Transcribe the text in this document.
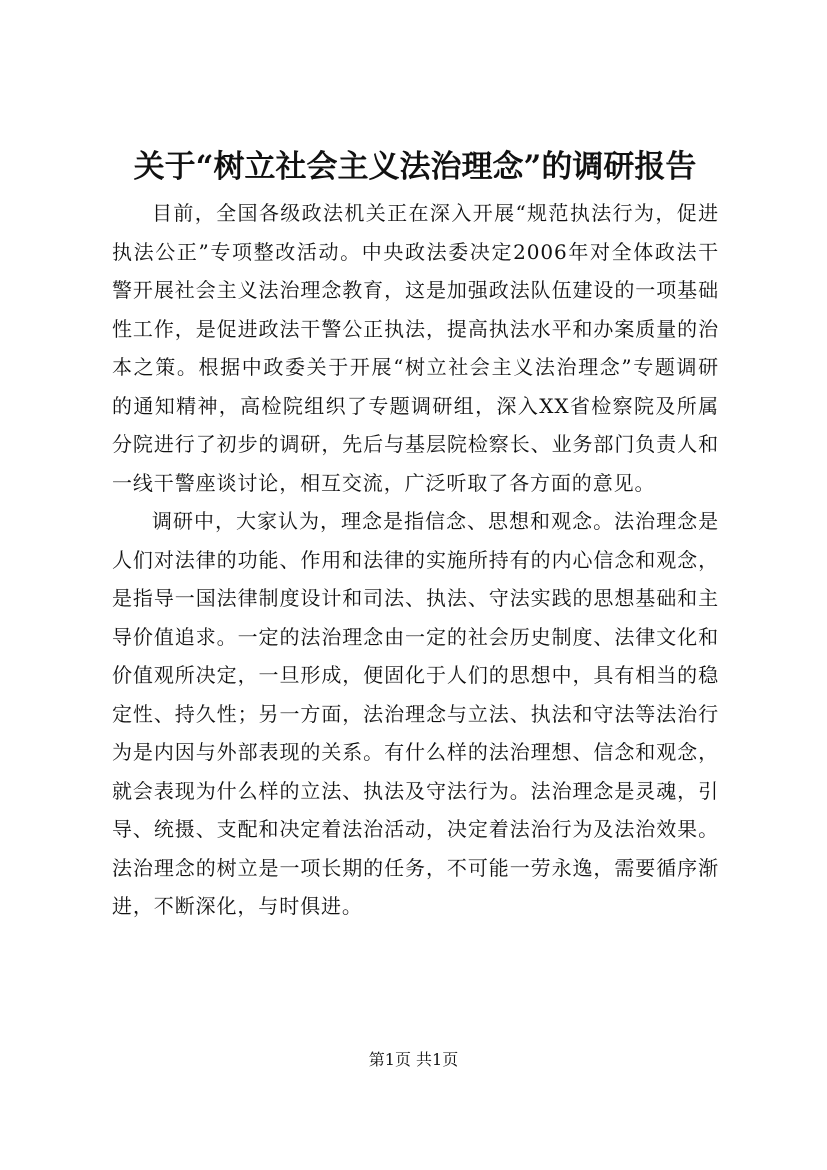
关于“树立社会主义法治理念”的调研报告

目前，全国各级政法机关正在深入开展“规范执法行为，促进执法公正”专项整改活动。中央政法委决定2006年对全体政法干警开展社会主义法治理念教育，这是加强政法队伍建设的一项基础性工作，是促进政法干警公正执法，提高执法水平和办案质量的治本之策。根据中政委关于开展“树立社会主义法治理念”专题调研的通知精神，高检院组织了专题调研组，深入XX省检察院及所属分院进行了初步的调研，先后与基层院检察长、业务部门负责人和一线干警座谈讨论，相互交流，广泛听取了各方面的意见。

调研中，大家认为，理念是指信念、思想和观念。法治理念是人们对法律的功能、作用和法律的实施所持有的内心信念和观念，是指导一国法律制度设计和司法、执法、守法实践的思想基础和主导价值追求。一定的法治理念由一定的社会历史制度、法律文化和价值观所决定，一旦形成，便固化于人们的思想中，具有相当的稳定性、持久性；另一方面，法治理念与立法、执法和守法等法治行为是内因与外部表现的关系。有什么样的法治理想、信念和观念，就会表现为什么样的立法、执法及守法行为。法治理念是灵魂，引导、统摄、支配和决定着法治活动，决定着法治行为及法治效果。法治理念的树立是一项长期的任务，不可能一劳永逸，需要循序渐进，不断深化，与时俱进。

第1页 共1页
